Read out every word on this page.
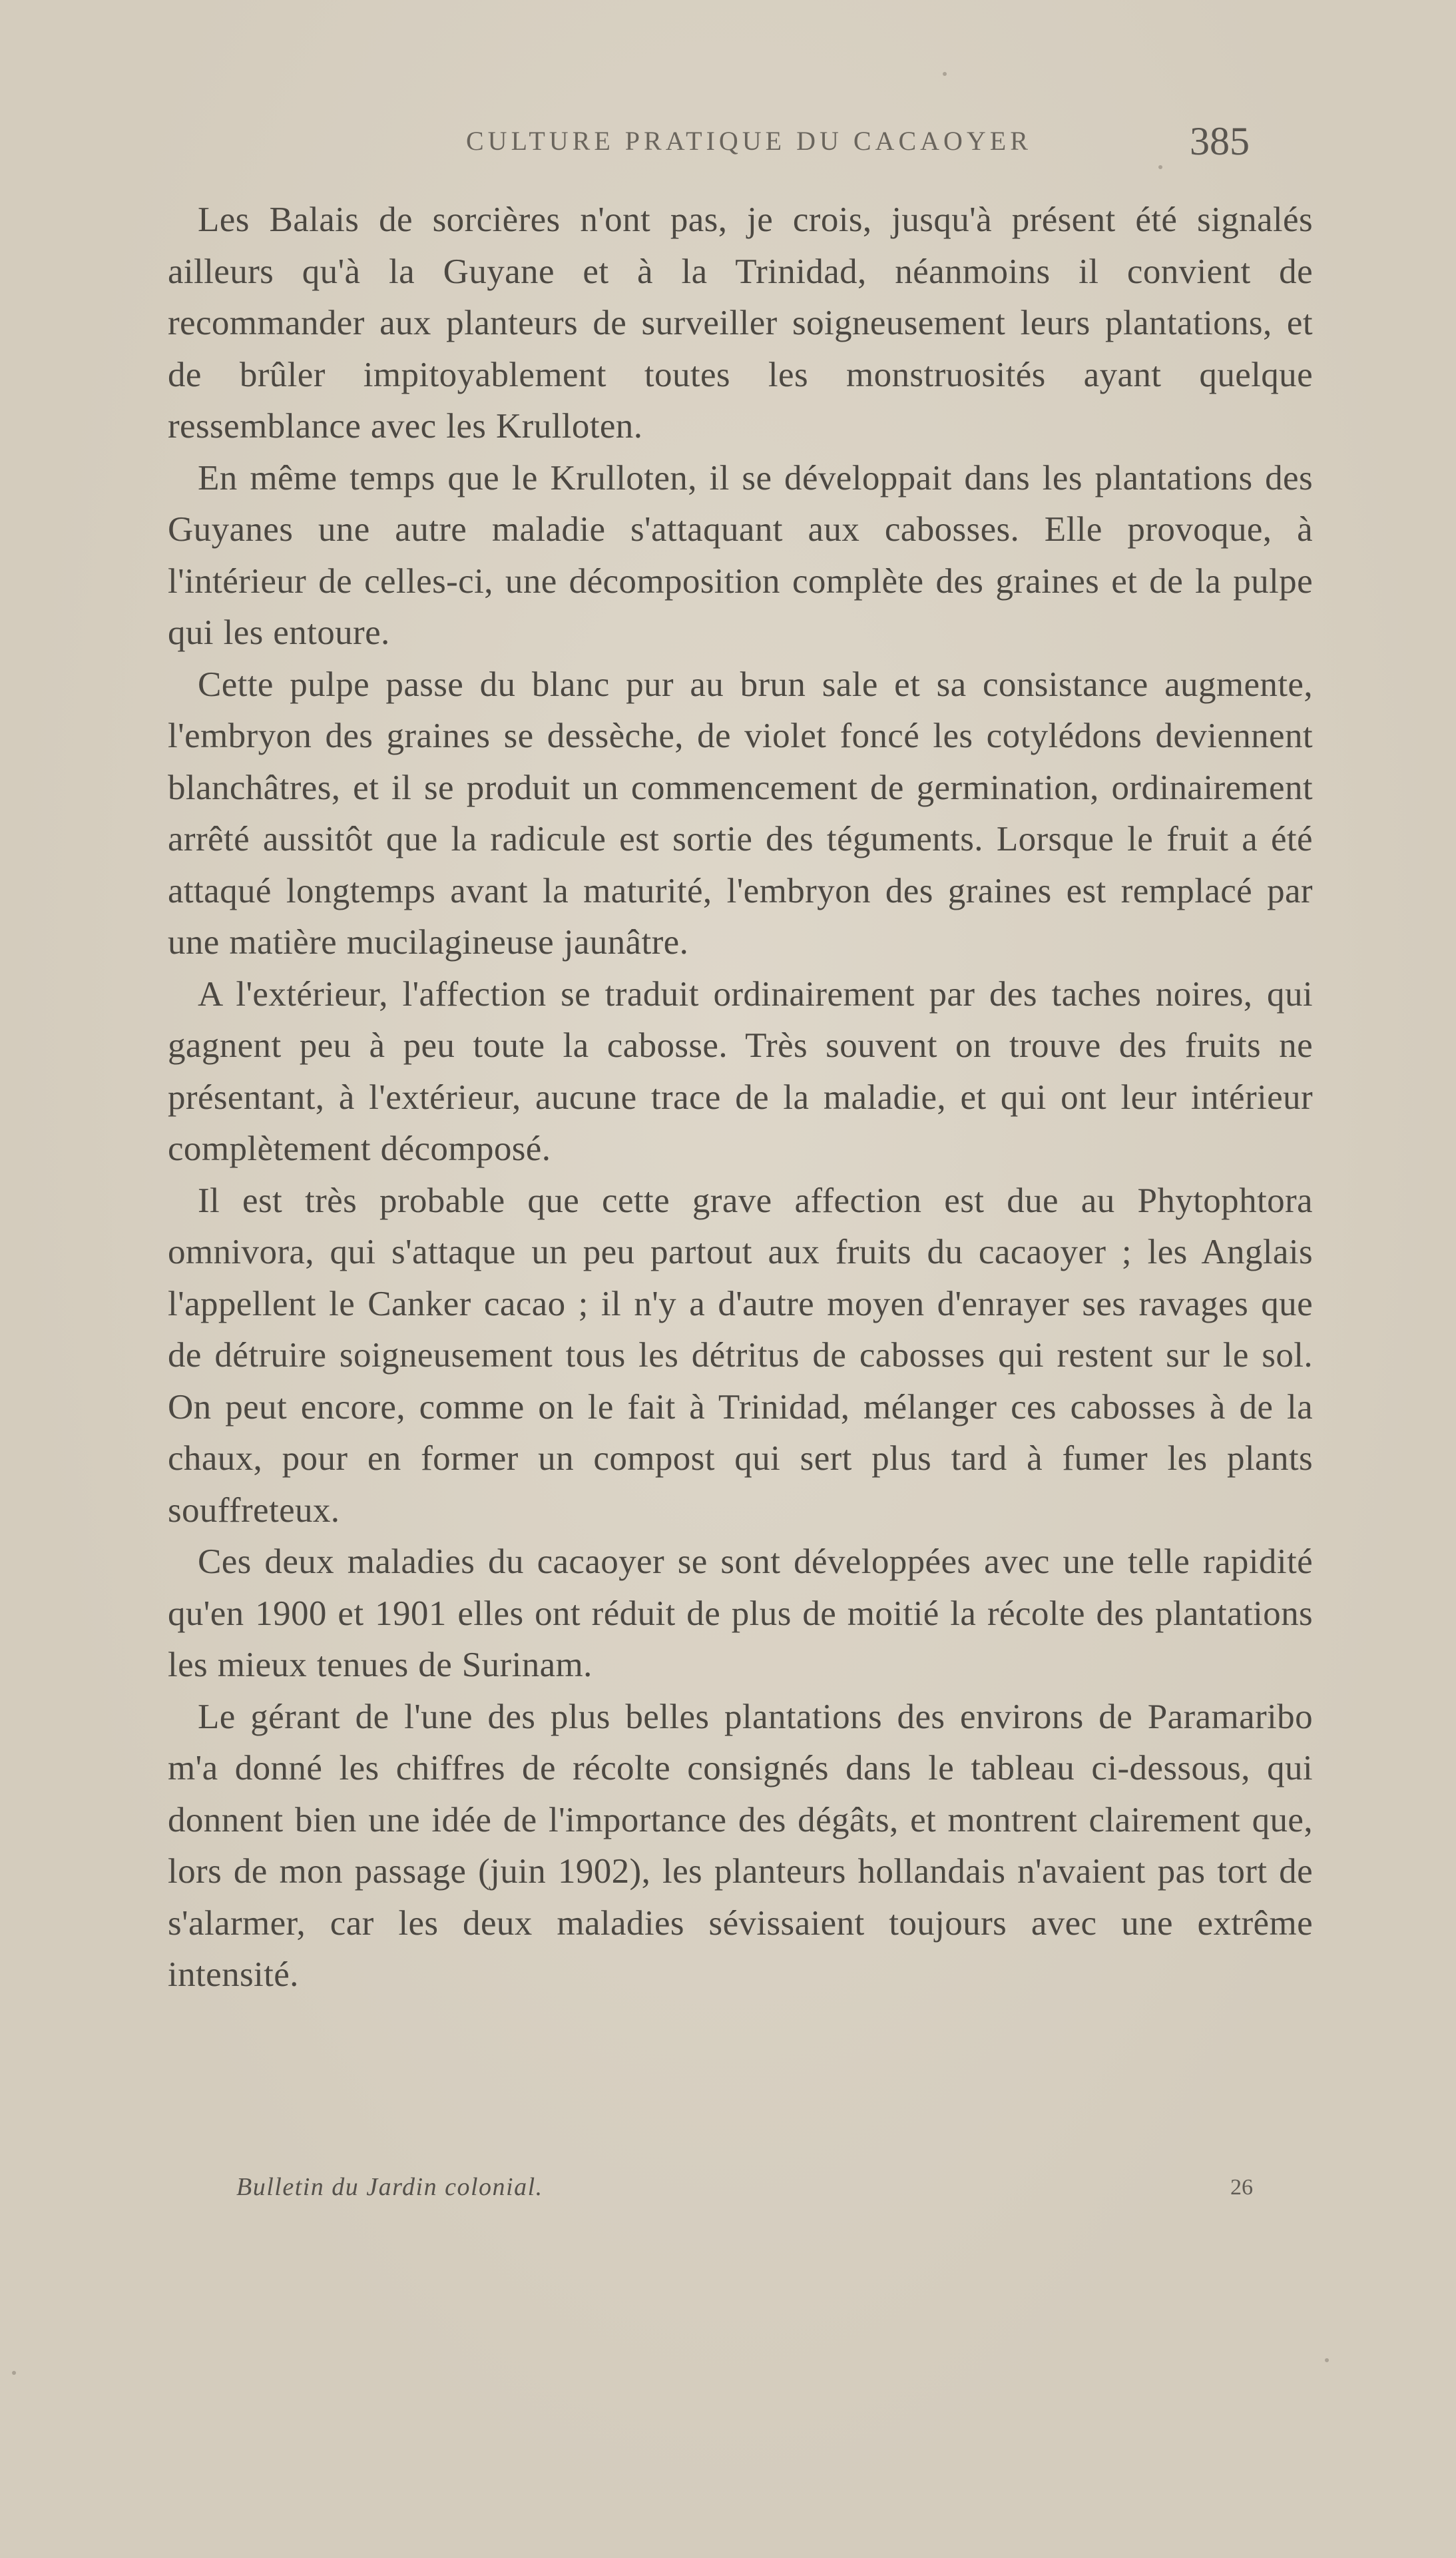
CULTURE PRATIQUE DU CACAOYER	385

Les Balais de sorcières n'ont pas, je crois, jusqu'à présent été signalés ailleurs qu'à la Guyane et à la Trinidad, néanmoins il convient de recommander aux planteurs de surveiller soigneusement leurs plantations, et de brûler impitoyablement toutes les monstruosités ayant quelque ressemblance avec les Krulloten.

En même temps que le Krulloten, il se développait dans les plantations des Guyanes une autre maladie s'attaquant aux cabosses. Elle provoque, à l'intérieur de celles-ci, une décomposition complète des graines et de la pulpe qui les entoure.

Cette pulpe passe du blanc pur au brun sale et sa consistance augmente, l'embryon des graines se dessèche, de violet foncé les cotylédons deviennent blanchâtres, et il se produit un commencement de germination, ordinairement arrêté aussitôt que la radicule est sortie des téguments. Lorsque le fruit a été attaqué longtemps avant la maturité, l'embryon des graines est remplacé par une matière mucilagineuse jaunâtre.

A l'extérieur, l'affection se traduit ordinairement par des taches noires, qui gagnent peu à peu toute la cabosse. Très souvent on trouve des fruits ne présentant, à l'extérieur, aucune trace de la maladie, et qui ont leur intérieur complètement décomposé.

Il est très probable que cette grave affection est due au Phytophtora omnivora, qui s'attaque un peu partout aux fruits du cacaoyer ; les Anglais l'appellent le Canker cacao ; il n'y a d'autre moyen d'enrayer ses ravages que de détruire soigneusement tous les détritus de cabosses qui restent sur le sol. On peut encore, comme on le fait à Trinidad, mélanger ces cabosses à de la chaux, pour en former un compost qui sert plus tard à fumer les plants souffreteux.

Ces deux maladies du cacaoyer se sont développées avec une telle rapidité qu'en 1900 et 1901 elles ont réduit de plus de moitié la récolte des plantations les mieux tenues de Surinam.

Le gérant de l'une des plus belles plantations des environs de Paramaribo m'a donné les chiffres de récolte consignés dans le tableau ci-dessous, qui donnent bien une idée de l'importance des dégâts, et montrent clairement que, lors de mon passage (juin 1902), les planteurs hollandais n'avaient pas tort de s'alarmer, car les deux maladies sévissaient toujours avec une extrême intensité.

Bulletin du Jardin colonial.	26
